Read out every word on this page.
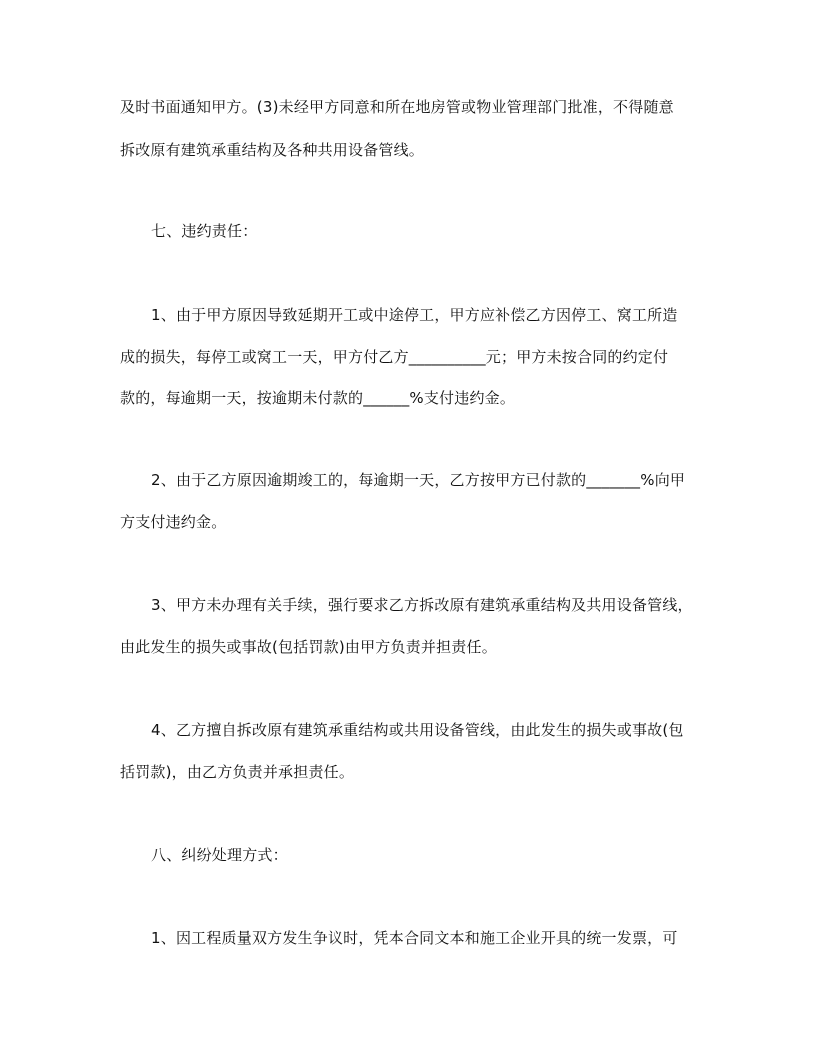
及时书面通知甲方。(3)未经甲方同意和所在地房管或物业管理部门批准，不得随意
拆改原有建筑承重结构及各种共用设备管线。
七、违约责任：
1、由于甲方原因导致延期开工或中途停工，甲方应补偿乙方因停工、窝工所造
成的损失，每停工或窝工一天，甲方付乙方__________元；甲方未按合同的约定付
款的，每逾期一天，按逾期未付款的______%支付违约金。
2、由于乙方原因逾期竣工的，每逾期一天，乙方按甲方已付款的_______%向甲
方支付违约金。
3、甲方未办理有关手续，强行要求乙方拆改原有建筑承重结构及共用设备管线，
由此发生的损失或事故(包括罚款)由甲方负责并担责任。
4、乙方擅自拆改原有建筑承重结构或共用设备管线，由此发生的损失或事故(包
括罚款)，由乙方负责并承担责任。
八、纠纷处理方式：
1、因工程质量双方发生争议时，凭本合同文本和施工企业开具的统一发票，可
